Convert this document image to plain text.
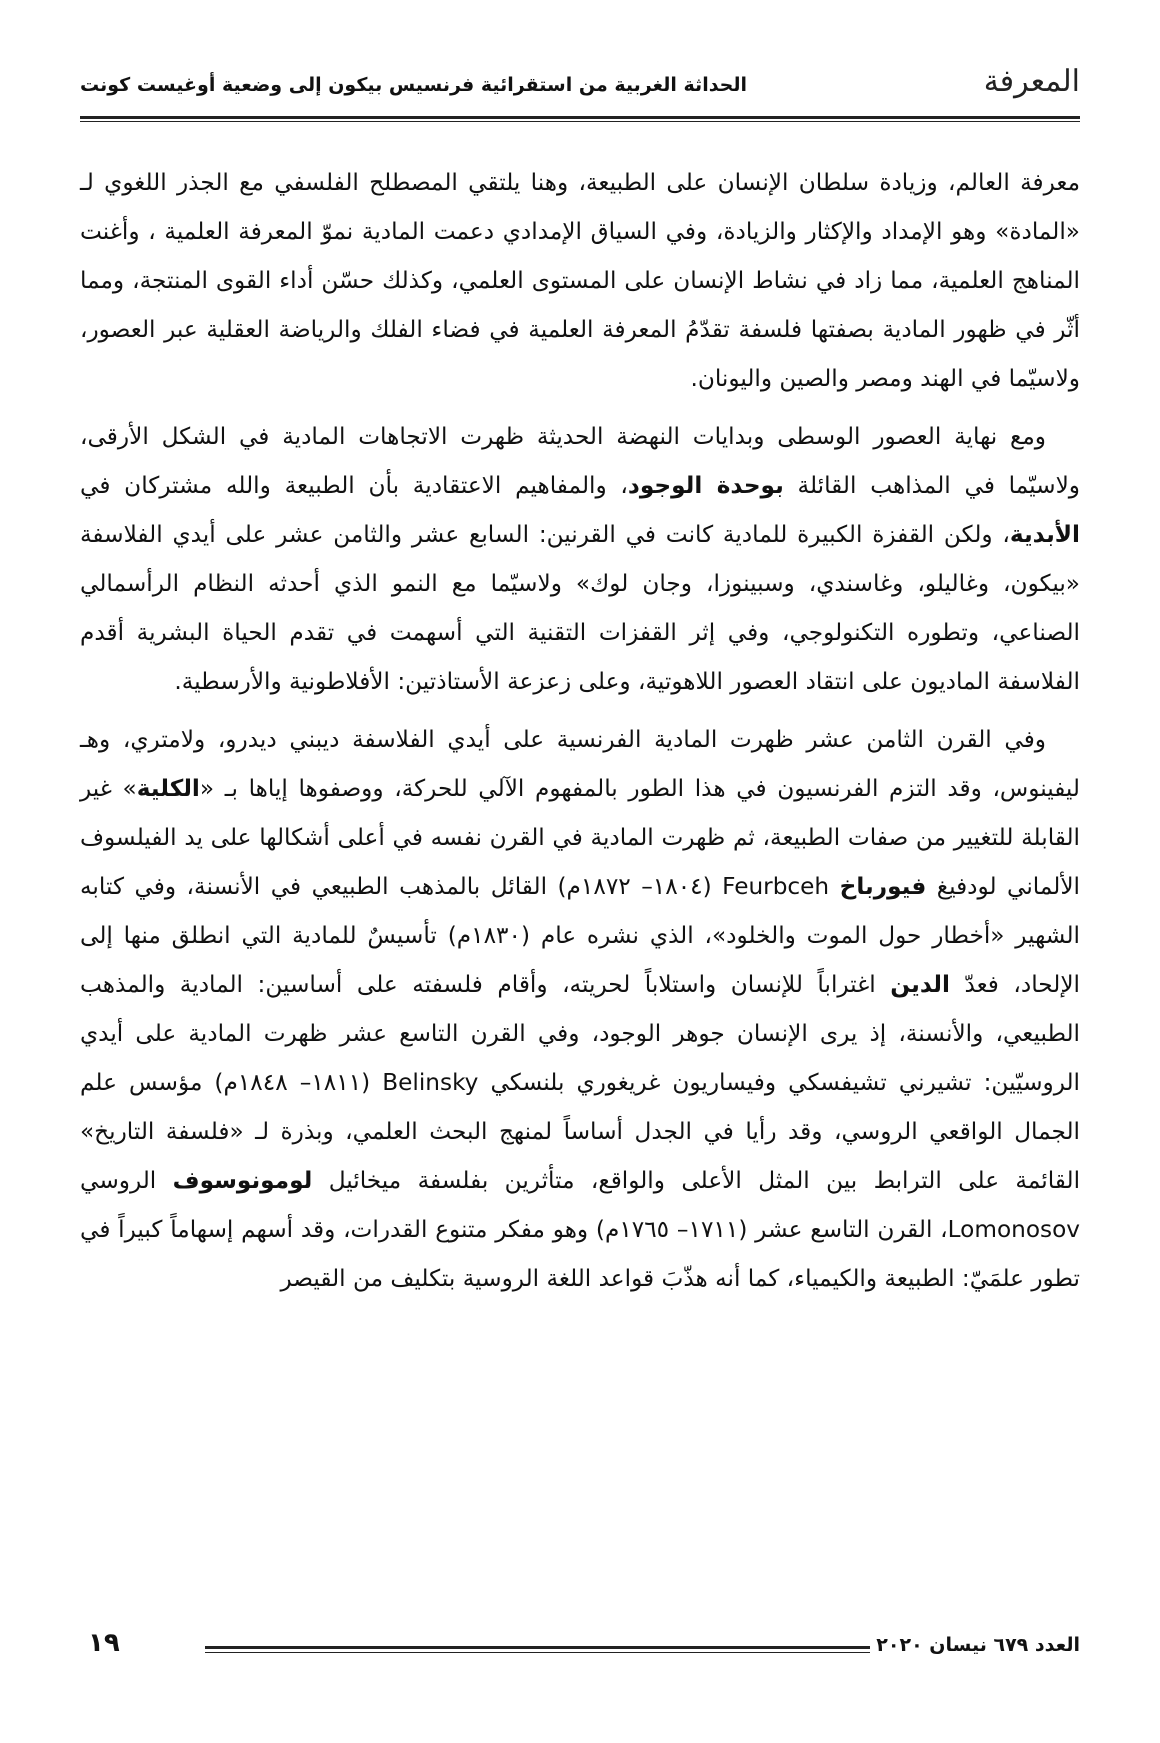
المعرفة
الحداثة الغربية من استقرائية فرنسيس بيكون إلى وضعية أوغيست كونت

معرفة العالم، وزيادة سلطان الإنسان على الطبيعة، وهنا يلتقي المصطلح الفلسفي مع الجذر اللغوي لـ «المادة» وهو الإمداد والإكثار والزيادة، وفي السياق الإمدادي دعمت المادية نموّ المعرفة العلمية ، وأغنت المناهج العلمية، مما زاد في نشاط الإنسان على المستوى العلمي، وكذلك حسّن أداء القوى المنتجة، ومما أثّر في ظهور المادية بصفتها فلسفة تقدّمُ المعرفة العلمية في فضاء الفلك والرياضة العقلية عبر العصور، ولاسيّما في الهند ومصر والصين واليونان.

ومع نهاية العصور الوسطى وبدايات النهضة الحديثة ظهرت الاتجاهات المادية في الشكل الأرقى، ولاسيّما في المذاهب القائلة بوحدة الوجود، والمفاهيم الاعتقادية بأن الطبيعة والله مشتركان في الأبدية، ولكن القفزة الكبيرة للمادية كانت في القرنين: السابع عشر والثامن عشر على أيدي الفلاسفة «بيكون، وغاليلو، وغاسندي، وسبينوزا، وجان لوك» ولاسيّما مع النمو الذي أحدثه النظام الرأسمالي الصناعي، وتطوره التكنولوجي، وفي إثر القفزات التقنية التي أسهمت في تقدم الحياة البشرية أقدم الفلاسفة الماديون على انتقاد العصور اللاهوتية، وعلى زعزعة الأستاذتين: الأفلاطونية والأرسطية.

وفي القرن الثامن عشر ظهرت المادية الفرنسية على أيدي الفلاسفة ديبني ديدرو، ولامتري، وهـ ليفينوس، وقد التزم الفرنسيون في هذا الطور بالمفهوم الآلي للحركة، ووصفوها إياها بـ «الكلية» غير القابلة للتغيير من صفات الطبيعة، ثم ظهرت المادية في القرن نفسه في أعلى أشكالها على يد الفيلسوف الألماني لودفيغ فيورباخ Feurbceh (١٨٠٤– ١٨٧٢م) القائل بالمذهب الطبيعي في الأنسنة، وفي كتابه الشهير «أخطار حول الموت والخلود»، الذي نشره عام (١٨٣٠م) تأسيسٌ للمادية التي انطلق منها إلى الإلحاد، فعدّ الدين اغتراباً للإنسان واستلاباً لحريته، وأقام فلسفته على أساسين: المادية والمذهب الطبيعي، والأنسنة، إذ يرى الإنسان جوهر الوجود، وفي القرن التاسع عشر ظهرت المادية على أيدي الروسيّين: تشيرني تشيفسكي وفيساريون غريغوري بلنسكي Belinsky (١٨١١– ١٨٤٨م) مؤسس علم الجمال الواقعي الروسي، وقد رأيا في الجدل أساساً لمنهج البحث العلمي، وبذرة لـ «فلسفة التاريخ» القائمة على الترابط بين المثل الأعلى والواقع، متأثرين بفلسفة ميخائيل لومونوسوف الروسي Lomonosov، القرن التاسع عشر (١٧١١– ١٧٦٥م) وهو مفكر متنوع القدرات، وقد أسهم إسهاماً كبيراً في تطور علمَيّ: الطبيعة والكيمياء، كما أنه هذّبَ قواعد اللغة الروسية بتكليف من القيصر

العدد ٦٧٩ نيسان ٢٠٢٠
١٩
